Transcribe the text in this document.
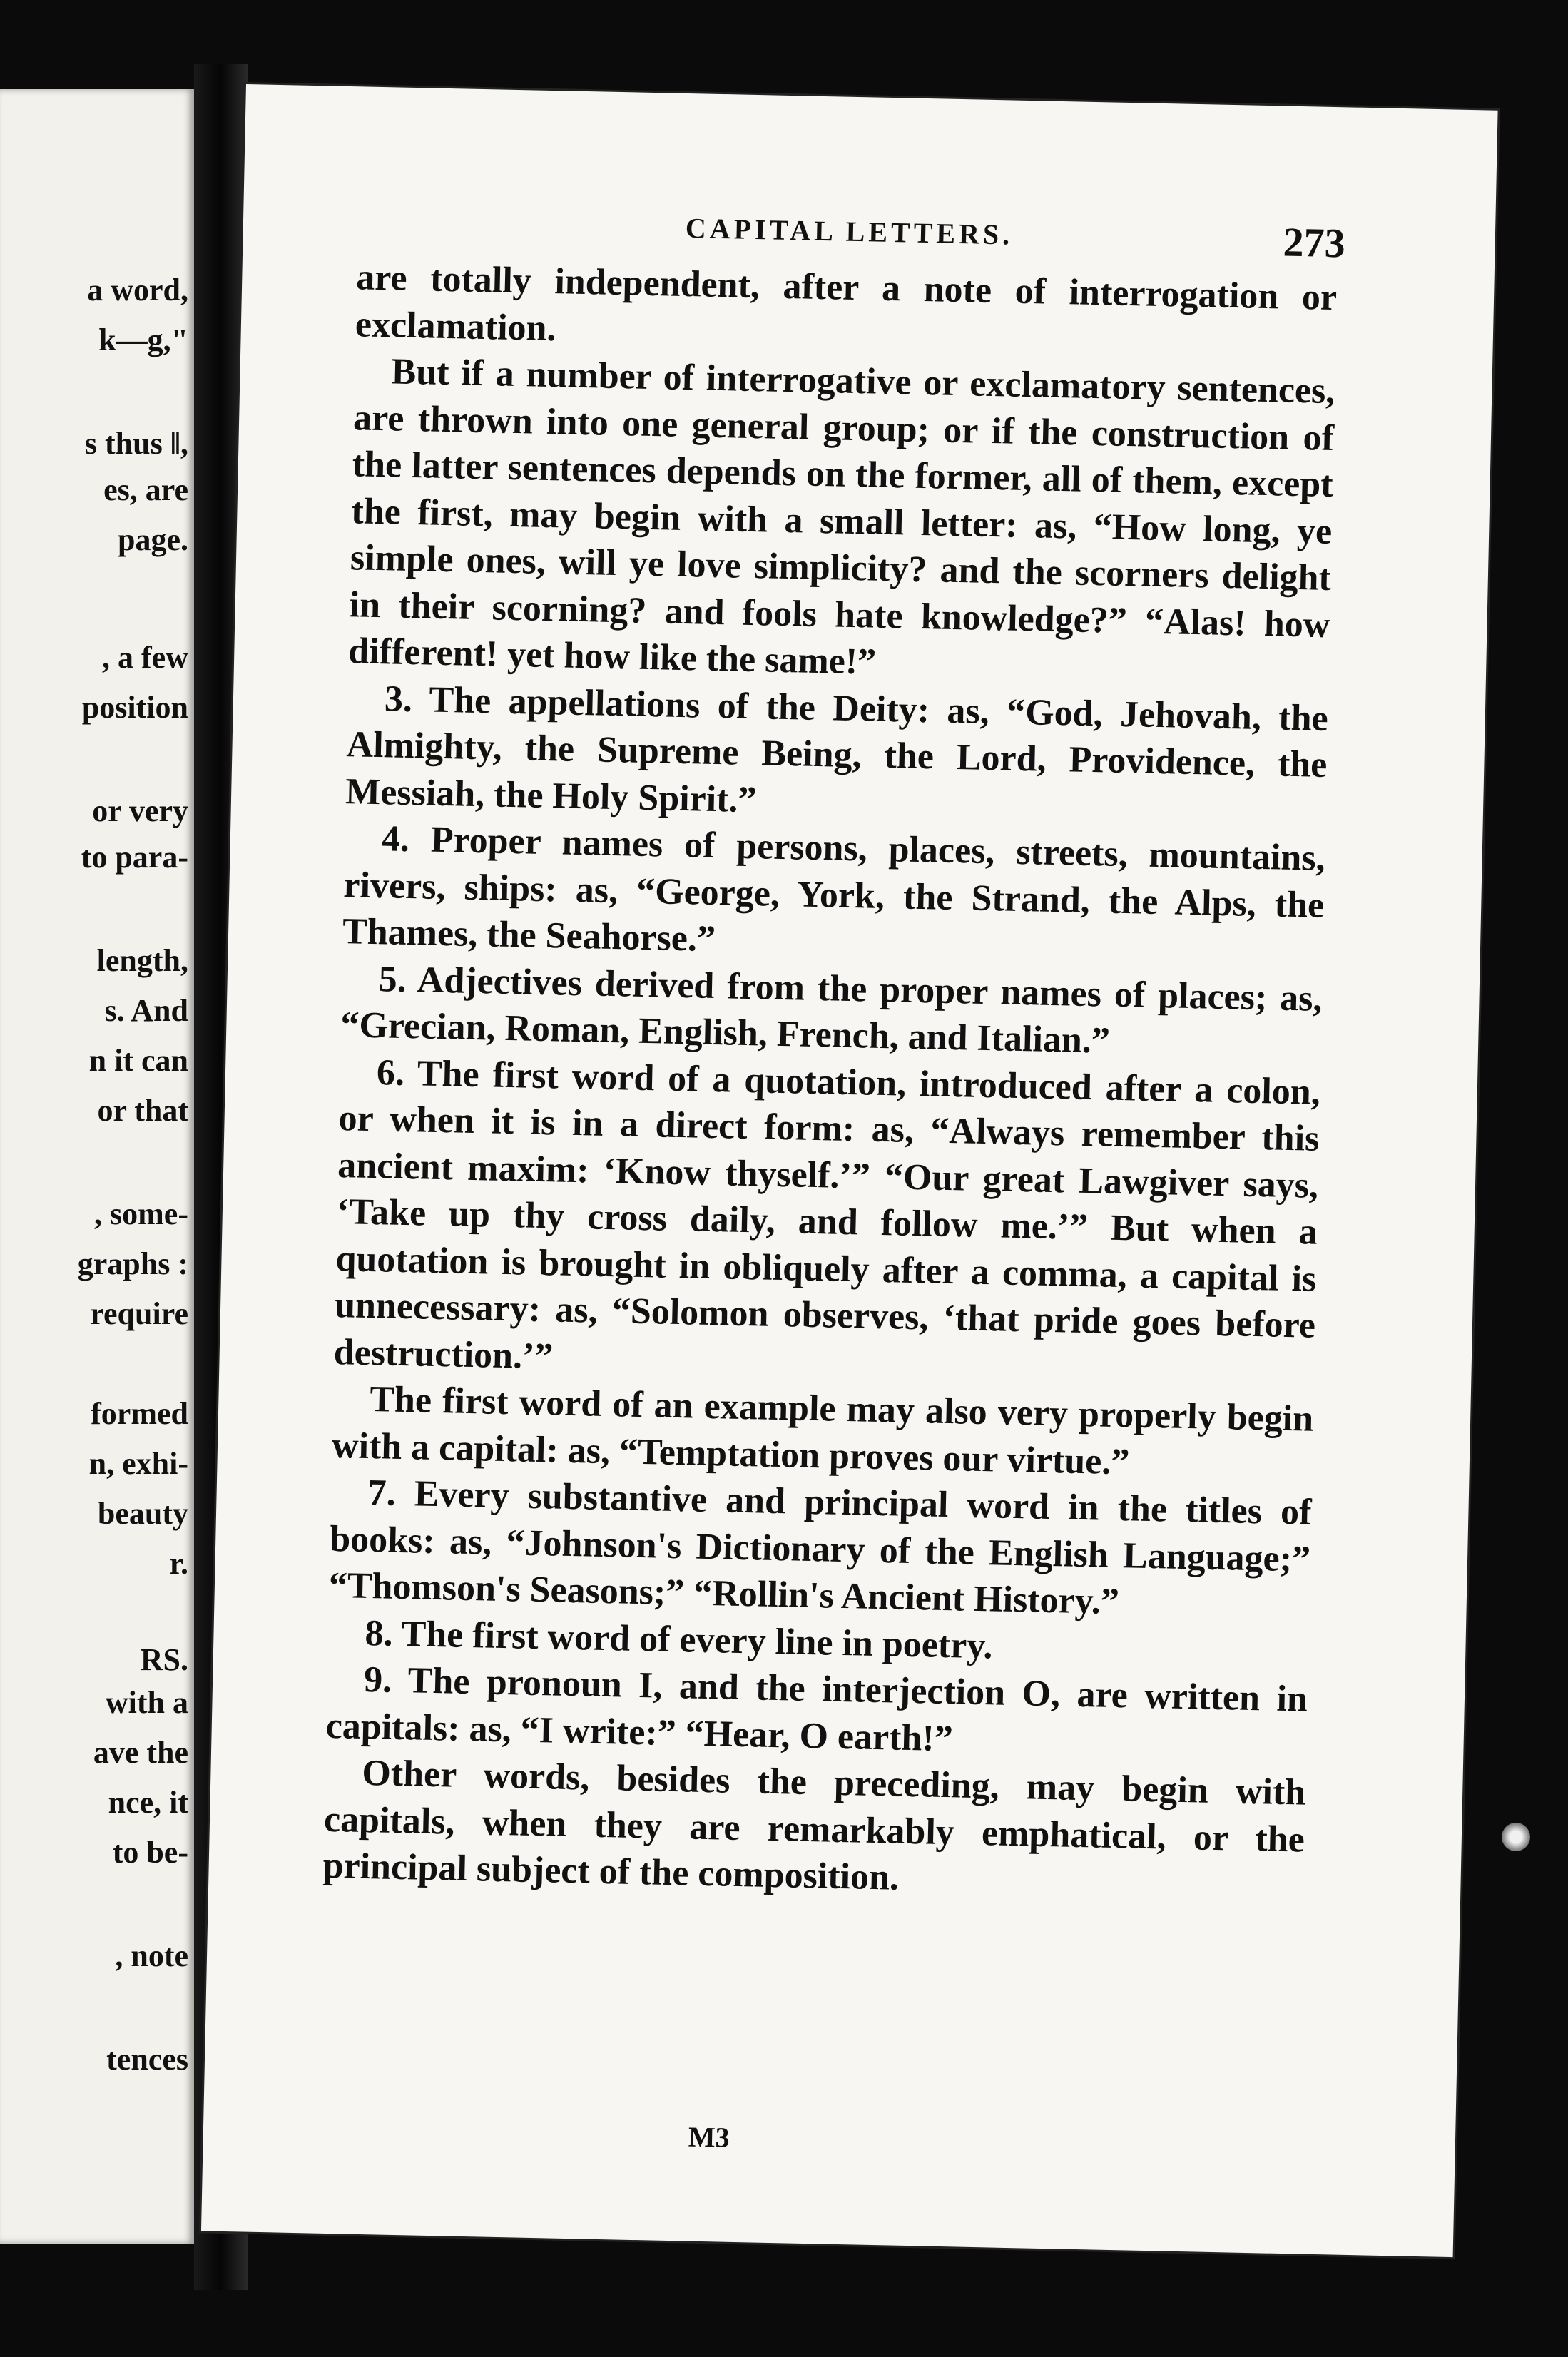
a word,
k—g,"
s thus ‖,
es, are
page.
, a few
position
or very
to para-
length,
s. And
n it can
or that
, some-
graphs :
require
formed
n, exhi-
beauty
r.
RS.
with a
ave the
nce, it
to be-
, note
tences
CAPITAL LETTERS.	273

are totally independent, after a note of interrogation or exclamation.

But if a number of interrogative or exclamatory sentences, are thrown into one general group; or if the construction of the latter sentences depends on the former, all of them, except the first, may begin with a small letter: as, “How long, ye simple ones, will ye love simplicity? and the scorners delight in their scorning? and fools hate knowledge?” “Alas! how different! yet how like the same!”

3. The appellations of the Deity: as, “God, Jehovah, the Almighty, the Supreme Being, the Lord, Providence, the Messiah, the Holy Spirit.”

4. Proper names of persons, places, streets, mountains, rivers, ships: as, “George, York, the Strand, the Alps, the Thames, the Seahorse.”

5. Adjectives derived from the proper names of places; as, “Grecian, Roman, English, French, and Italian.”

6. The first word of a quotation, introduced after a colon, or when it is in a direct form: as, “Always remember this ancient maxim: ‘Know thyself.’” “Our great Lawgiver says, ‘Take up thy cross daily, and follow me.’” But when a quotation is brought in obliquely after a comma, a capital is unnecessary: as, “Solomon observes, ‘that pride goes before destruction.’”

The first word of an example may also very properly begin with a capital: as, “Temptation proves our virtue.”

7. Every substantive and principal word in the titles of books: as, “Johnson's Dictionary of the English Language;” “Thomson's Seasons;” “Rollin's Ancient History.”

8. The first word of every line in poetry.

9. The pronoun I, and the interjection O, are written in capitals: as, “I write:” “Hear, O earth!”

Other words, besides the preceding, may begin with capitals, when they are remarkably emphatical, or the principal subject of the composition.

M3
